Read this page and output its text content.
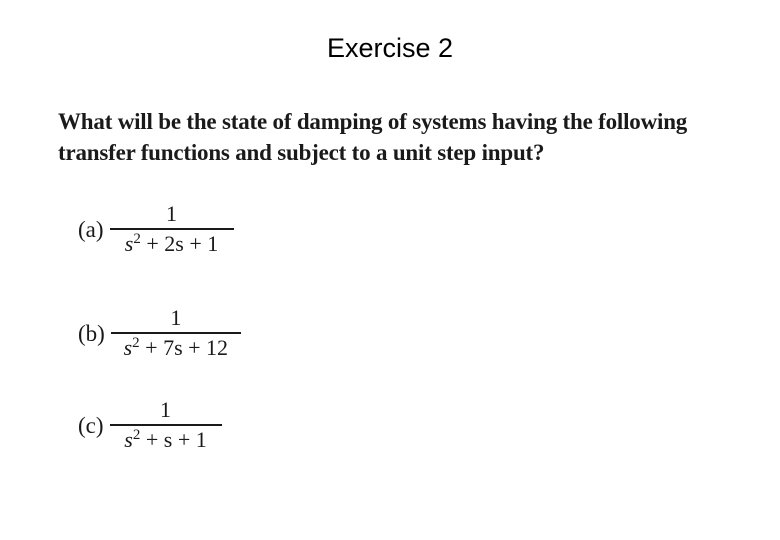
Exercise 2
What will be the state of damping of systems having the following
transfer functions and subject to a unit step input?
$(a) \frac{1}{s^2 + 2s + 1}$
$(b) \frac{1}{s^2 + 7s + 12}$
$(c) \frac{1}{s^2 + s + 1}$
